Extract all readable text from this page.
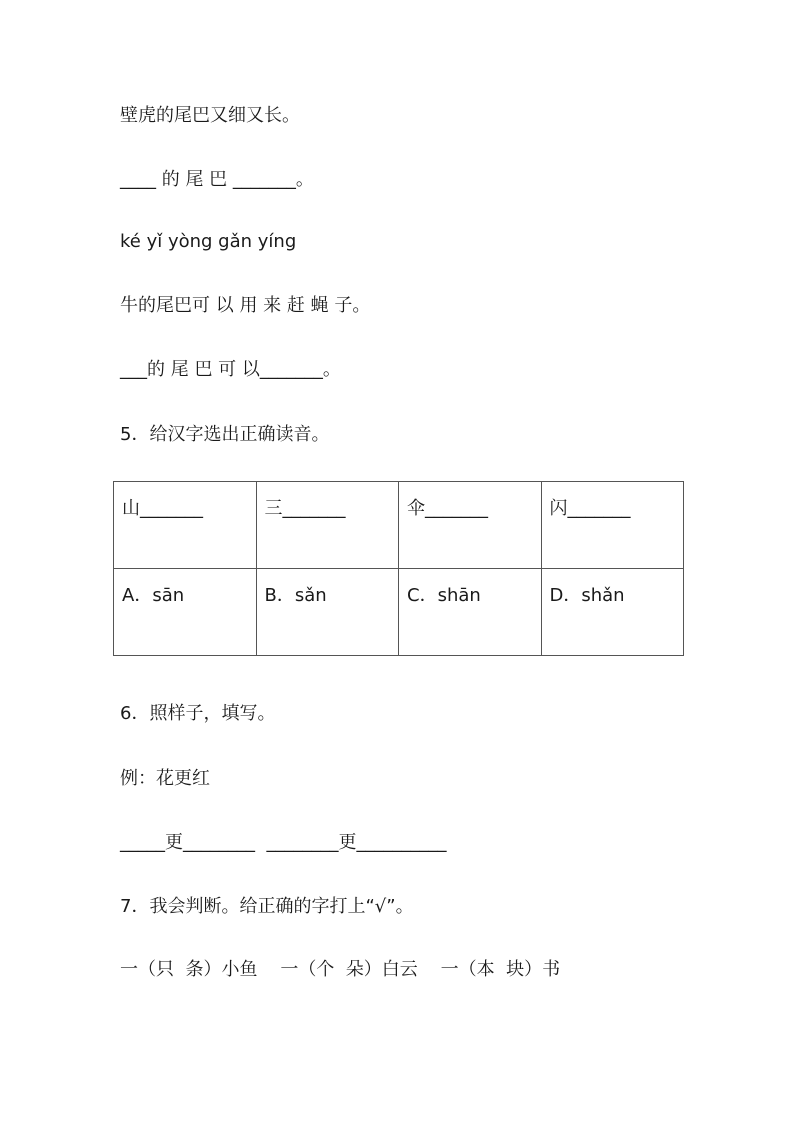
壁虎的尾巴又细又长。
____ 的 尾 巴 _______。
ké yǐ yòng gǎn yíng
牛的尾巴可 以 用 来 赶 蝇 子。
___的 尾 巴 可 以_______。
5．给汉字选出正确读音。
山_______	三_______	伞_______	闪_______
A．sān	B．sǎn	C．shān	D．shǎn
6．照样子，填写。
例：花更红
_____更________  ________更__________
7．我会判断。给正确的字打上“√”。
一（只  条）小鱼    一（个  朵）白云    一（本  块）书
